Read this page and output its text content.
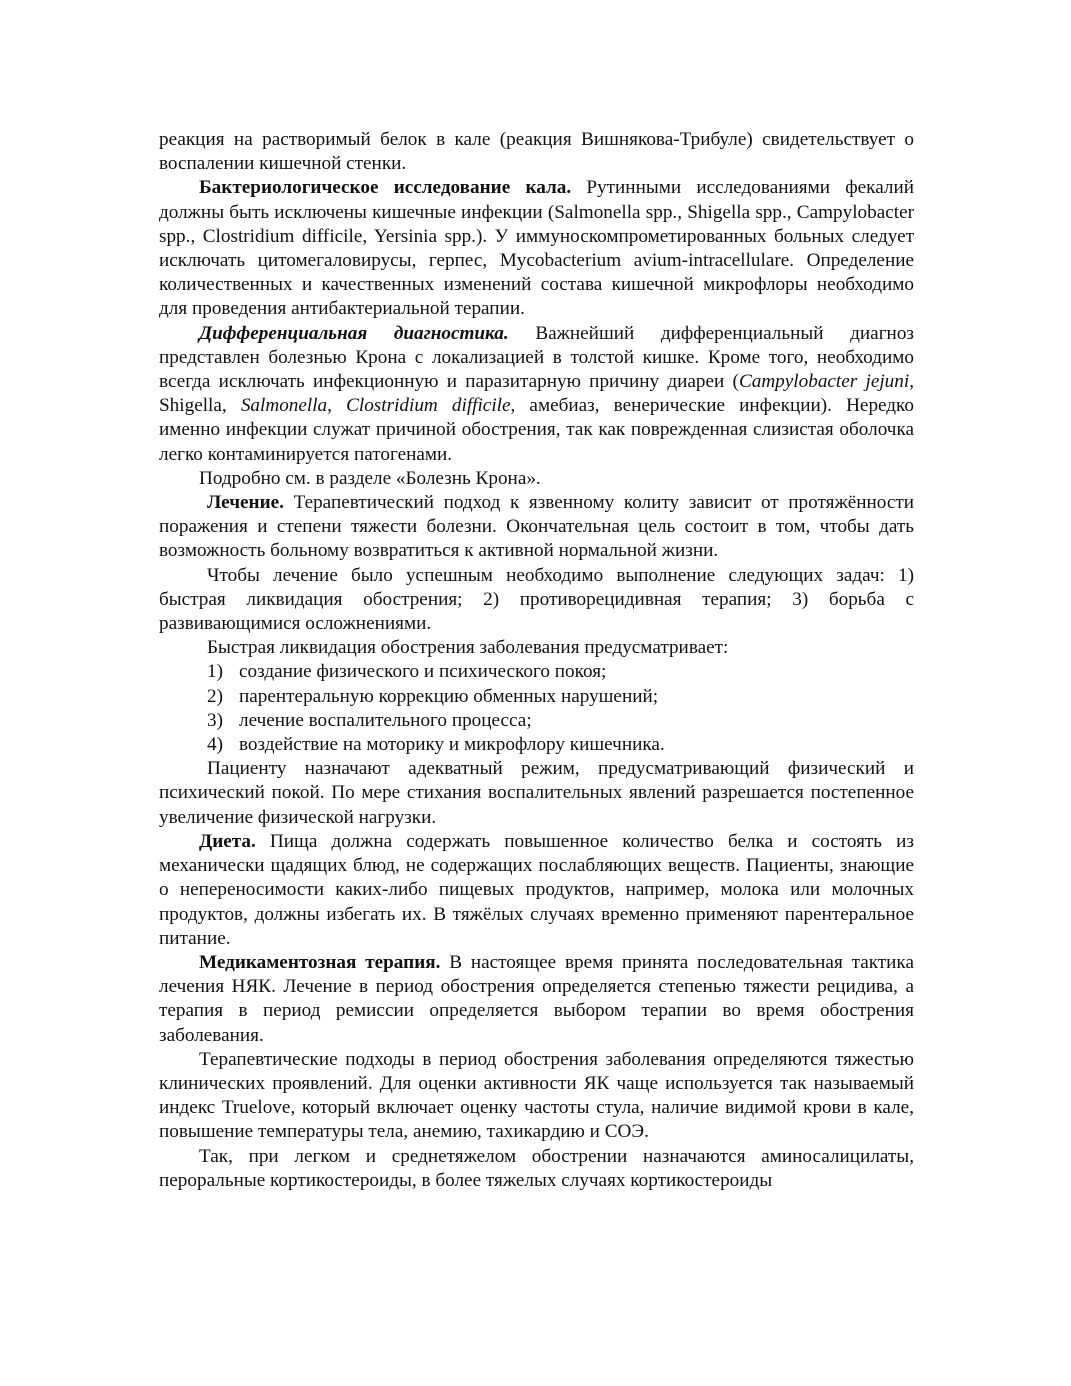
реакция на растворимый белок в кале (реакция Вишнякова-Трибуле) свидетельствует о воспалении кишечной стенки.

Бактериологическое исследование кала. Рутинными исследованиями фекалий должны быть исключены кишечные инфекции (Salmonella spp., Shigella spp., Campylobacter spp., Clostridium difficile, Yersinia spp.). У иммуноскомпрометированных больных следует исключать цитомегаловирусы, герпес, Mycobacterium avium-intracellulare. Определение количественных и качественных изменений состава кишечной микрофлоры необходимо для проведения антибактериальной терапии.

Дифференциальная диагностика. Важнейший дифференциальный диагноз представлен болезнью Крона с локализацией в толстой кишке. Кроме того, необходимо всегда исключать инфекционную и паразитарную причину диареи (Campylobacter jejuni, Shigella, Salmonella, Clostridium difficile, амебиаз, венерические инфекции). Нередко именно инфекции служат причиной обострения, так как поврежденная слизистая оболочка легко контаминируется патогенами.

Подробно см. в разделе «Болезнь Крона».

Лечение. Терапевтический подход к язвенному колиту зависит от протяжённости поражения и степени тяжести болезни. Окончательная цель состоит в том, чтобы дать возможность больному возвратиться к активной нормальной жизни.

Чтобы лечение было успешным необходимо выполнение следующих задач: 1) быстрая ликвидация обострения; 2) противорецидивная терапия; 3) борьба с развивающимися осложнениями.

Быстрая ликвидация обострения заболевания предусматривает:

1) создание физического и психического покоя;
2) парентеральную коррекцию обменных нарушений;
3) лечение воспалительного процесса;
4) воздействие на моторику и микрофлору кишечника.

Пациенту назначают адекватный режим, предусматривающий физический и психический покой. По мере стихания воспалительных явлений разрешается постепенное увеличение физической нагрузки.

Диета. Пища должна содержать повышенное количество белка и состоять из механически щадящих блюд, не содержащих послабляющих веществ. Пациенты, знающие о непереносимости каких-либо пищевых продуктов, например, молока или молочных продуктов, должны избегать их. В тяжёлых случаях временно применяют парентеральное питание.

Медикаментозная терапия. В настоящее время принята последовательная тактика лечения НЯК. Лечение в период обострения определяется степенью тяжести рецидива, а терапия в период ремиссии определяется выбором терапии во время обострения заболевания.

Терапевтические подходы в период обострения заболевания определяются тяжестью клинических проявлений. Для оценки активности ЯК чаще используется так называемый индекс Truelove, который включает оценку частоты стула, наличие видимой крови в кале, повышение температуры тела, анемию, тахикардию и СОЭ.

Так, при легком и среднетяжелом обострении назначаются аминосалицилаты, пероральные кортикостероиды, в более тяжелых случаях кортикостероиды
